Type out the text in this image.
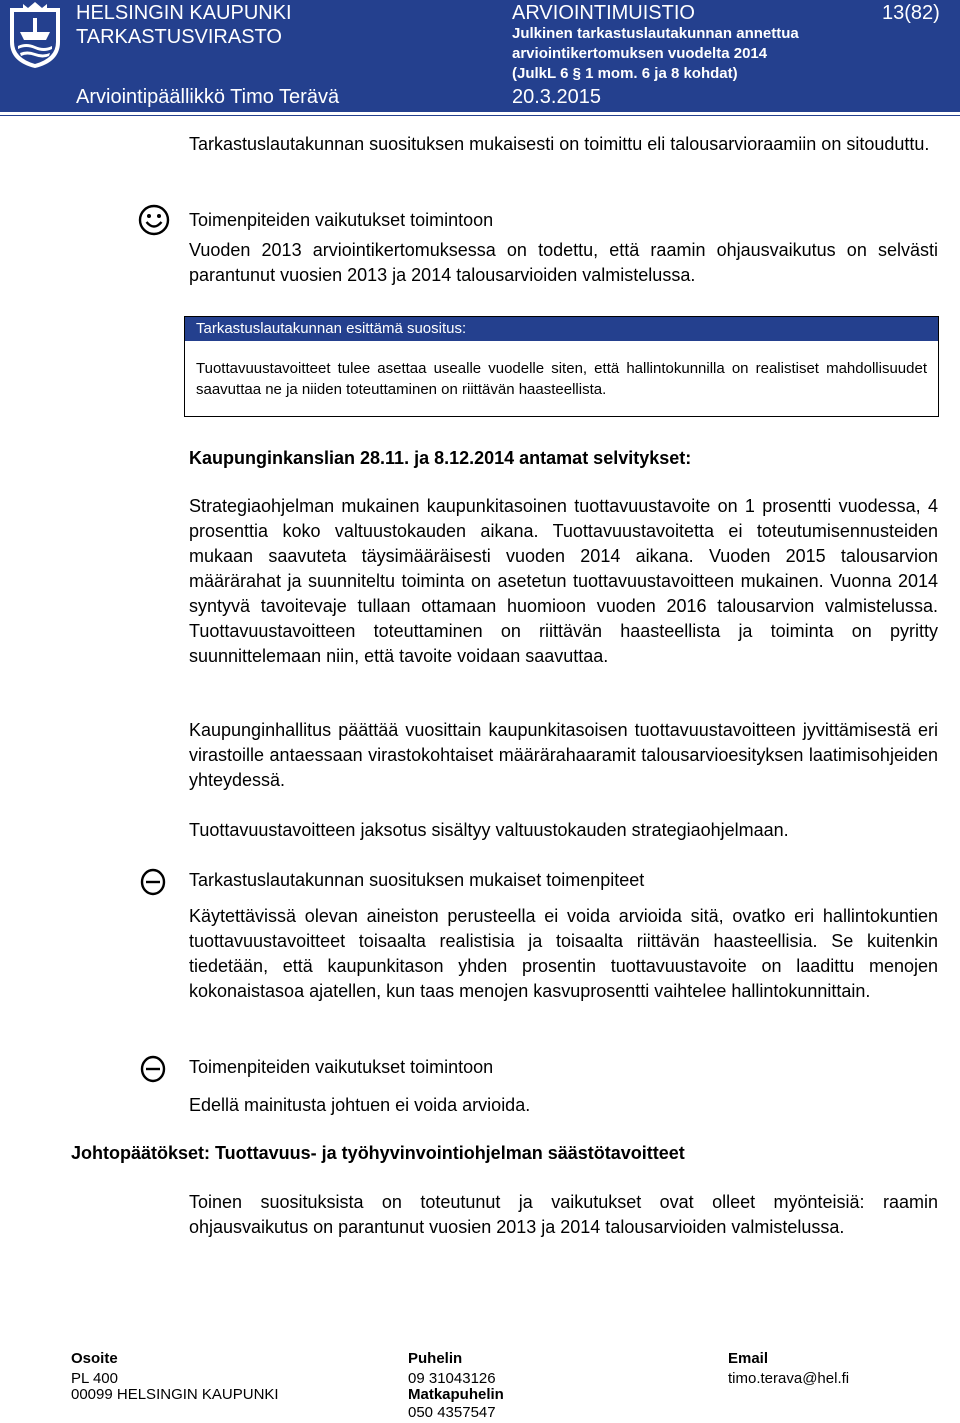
HELSINGIN KAUPUNKI
TARKASTUSVIRASTO
Arviointipäällikkö Timo Terävä
ARVIOINTIMUISTIO
Julkinen tarkastuslautakunnan annettua
arviointikertomuksen vuodelta 2014
(JulkL 6 § 1 mom. 6 ja 8 kohdat)
20.3.2015
13(82)
Tarkastuslautakunnan suosituksen mukaisesti on toimittu eli talousarvioraamiin on sitouduttu.
Toimenpiteiden vaikutukset toimintoon
Vuoden 2013 arviointikertomuksessa on todettu, että raamin ohjausvaikutus on selvästi parantunut vuosien 2013 ja 2014 talousarvioiden valmistelussa.
Tarkastuslautakunnan esittämä suositus:
Tuottavuustavoitteet tulee asettaa usealle vuodelle siten, että hallintokunnilla on realistiset mahdollisuudet saavuttaa ne ja niiden toteuttaminen on riittävän haasteellista.
Kaupunginkanslian 28.11. ja 8.12.2014 antamat selvitykset:
Strategiaohjelman mukainen kaupunkitasoinen tuottavuustavoite on 1 prosentti vuodessa, 4 prosenttia koko valtuustokauden aikana. Tuottavuustavoitetta ei toteutumisennusteiden mukaan saavuteta täysimääräisesti vuoden 2014 aikana. Vuoden 2015 talousarvion määrärahat ja suunniteltu toiminta on asetetun tuottavuustavoitteen mukainen. Vuonna 2014 syntyvä tavoitevaje tullaan ottamaan huomioon vuoden 2016 talousarvion valmistelussa. Tuottavuustavoitteen toteuttaminen on riittävän haasteellista ja toiminta on pyritty suunnittelemaan niin, että tavoite voidaan saavuttaa.
Kaupunginhallitus päättää vuosittain kaupunkitasoisen tuottavuustavoitteen jyvittämisestä eri virastoille antaessaan virastokohtaiset määrärahaaramit talousarvioesityksen laatimisohjeiden yhteydessä.
Tuottavuustavoitteen jaksotus sisältyy valtuustokauden strategiaohjelmaan.
Tarkastuslautakunnan suosituksen mukaiset toimenpiteet
Käytettävissä olevan aineiston perusteella ei voida arvioida sitä, ovatko eri hallintokuntien tuottavuustavoitteet toisaalta realistisia ja toisaalta riittävän haasteellisia. Se kuitenkin tiedetään, että kaupunkitason yhden prosentin tuottavuustavoite on laadittu menojen kokonaistasoa ajatellen, kun taas menojen kasvuprosentti vaihtelee hallintokunnittain.
Toimenpiteiden vaikutukset toimintoon
Edellä mainitusta johtuen ei voida arvioida.
Johtopäätökset: Tuottavuus- ja työhyvinvointiohjelman säästötavoitteet
Toinen suosituksista on toteutunut ja vaikutukset ovat olleet myönteisiä: raamin ohjausvaikutus on parantunut vuosien 2013 ja 2014 talousarvioiden valmistelussa.
Osoite
PL 400
00099 HELSINGIN KAUPUNKI
Puhelin
09 31043126
Matkapuhelin
050 4357547
Email
timo.terava@hel.fi
